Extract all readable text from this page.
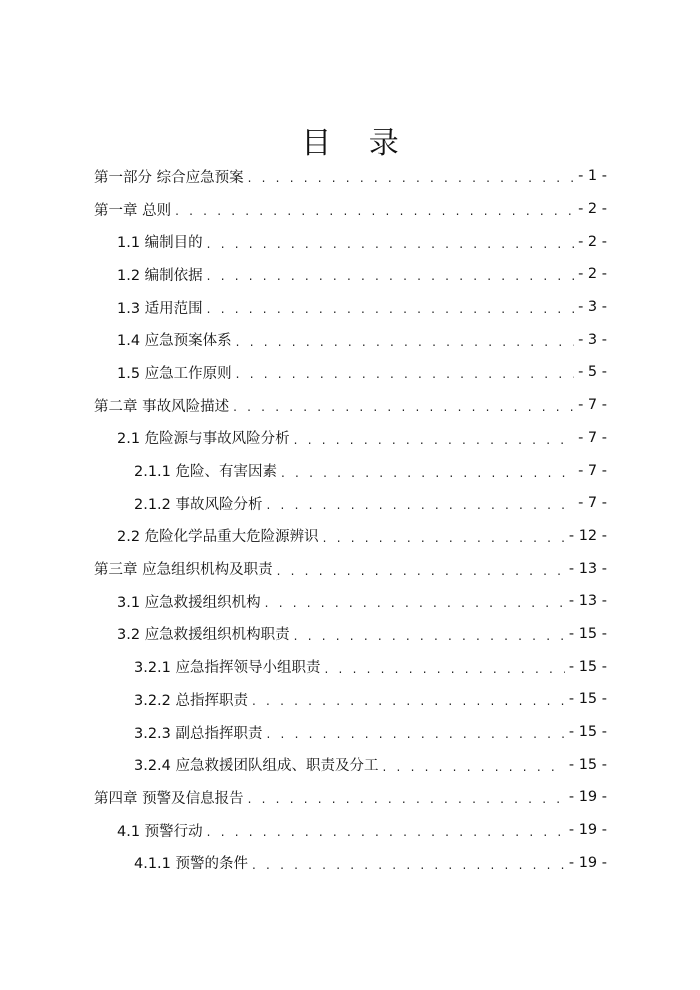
目 录
第一部分 综合应急预案 . . .	- 1 -
第一章 总则 . . .	- 2 -
1.1 编制目的 . . .	- 2 -
1.2 编制依据 . . .	- 2 -
1.3 适用范围 . . .	- 3 -
1.4 应急预案体系 . . .	- 3 -
1.5 应急工作原则 . . .	- 5 -
第二章 事故风险描述 . . .	- 7 -
2.1 危险源与事故风险分析 . . .	- 7 -
2.1.1 危险、有害因素 . . .	- 7 -
2.1.2 事故风险分析 . . .	- 7 -
2.2 危险化学品重大危险源辨识 . . .	- 12 -
第三章 应急组织机构及职责 . . .	- 13 -
3.1 应急救援组织机构 . . .	- 13 -
3.2 应急救援组织机构职责 . . .	- 15 -
3.2.1 应急指挥领导小组职责 . . .	- 15 -
3.2.2 总指挥职责 . . .	- 15 -
3.2.3 副总指挥职责 . . .	- 15 -
3.2.4 应急救援团队组成、职责及分工 . . .	- 15 -
第四章 预警及信息报告 . . .	- 19 -
4.1 预警行动 . . .	- 19 -
4.1.1 预警的条件 . . .	- 19 -
